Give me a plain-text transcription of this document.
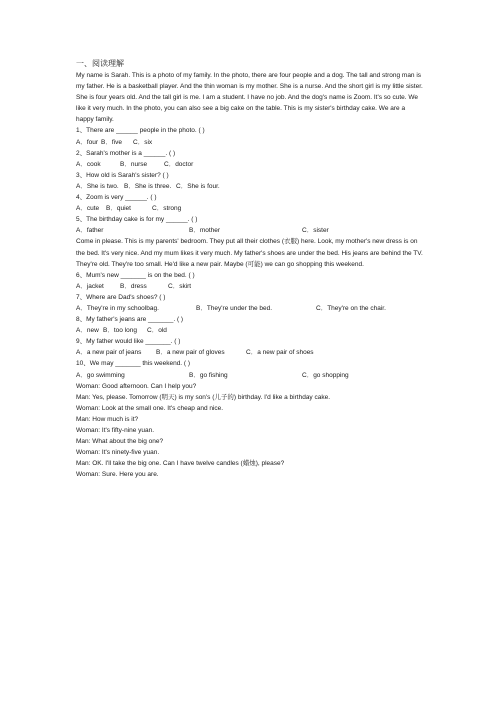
一、阅读理解

My name is Sarah. This is a photo of my family. In the photo, there are four people and a dog. The tall and strong man is my father. He is a basketball player. And the thin woman is my mother. She is a nurse. And the short girl is my little sister. She is four years old. And the tall girl is me. I am a student. I have no job. And the dog's name is Zoom. It's so cute. We like it very much. In the photo, you can also see a big cake on the table. This is my sister's birthday cake. We are a happy family.

1、There are ______ people in the photo. ( )

A．four B．five	C．six

2、Sarah's mother is a ______. ( )

A．cook	B．nurse	C．doctor

3、How old is Sarah's sister? ( )

A．She is two. B．She is three. C．She is four.

4、Zoom is very ______. ( )

A．cute	B．quiet	C．strong

5、The birthday cake is for my ______. ( )

A．father	B．mother	C．sister

Come in please. This is my parents' bedroom. They put all their clothes (衣服) here. Look, my mother's new dress is on the bed. It's very nice. And my mum likes it very much. My father's shoes are under the bed. His jeans are behind the TV. They're old. They're too small. He'd like a new pair. Maybe (可能) we can go shopping this weekend.

6、Mum's new _______ is on the bed. ( )

A．jacket	B．dress	C．skirt

7、Where are Dad's shoes? ( )

A．They're in my schoolbag.	B．They're under the bed.	C．They're on the chair.

8、My father's jeans are _______. ( )

A．new B．too long	C．old

9、My father would like _______. ( )

A．a new pair of jeans	B．a new pair of gloves	C．a new pair of shoes

10、We may _______ this weekend. ( )

A．go swimming	B．go fishing	C．go shopping

Woman: Good afternoon. Can I help you?

Man: Yes, please. Tomorrow (明天) is my son's (儿子的) birthday. I'd like a birthday cake.

Woman: Look at the small one. It's cheap and nice.

Man: How much is it?

Woman: It's fifty-nine yuan.

Man: What about the big one?

Woman: It's ninety-five yuan.

Man: OK. I'll take the big one. Can I have twelve candles (蜡烛), please?

Woman: Sure. Here you are.
